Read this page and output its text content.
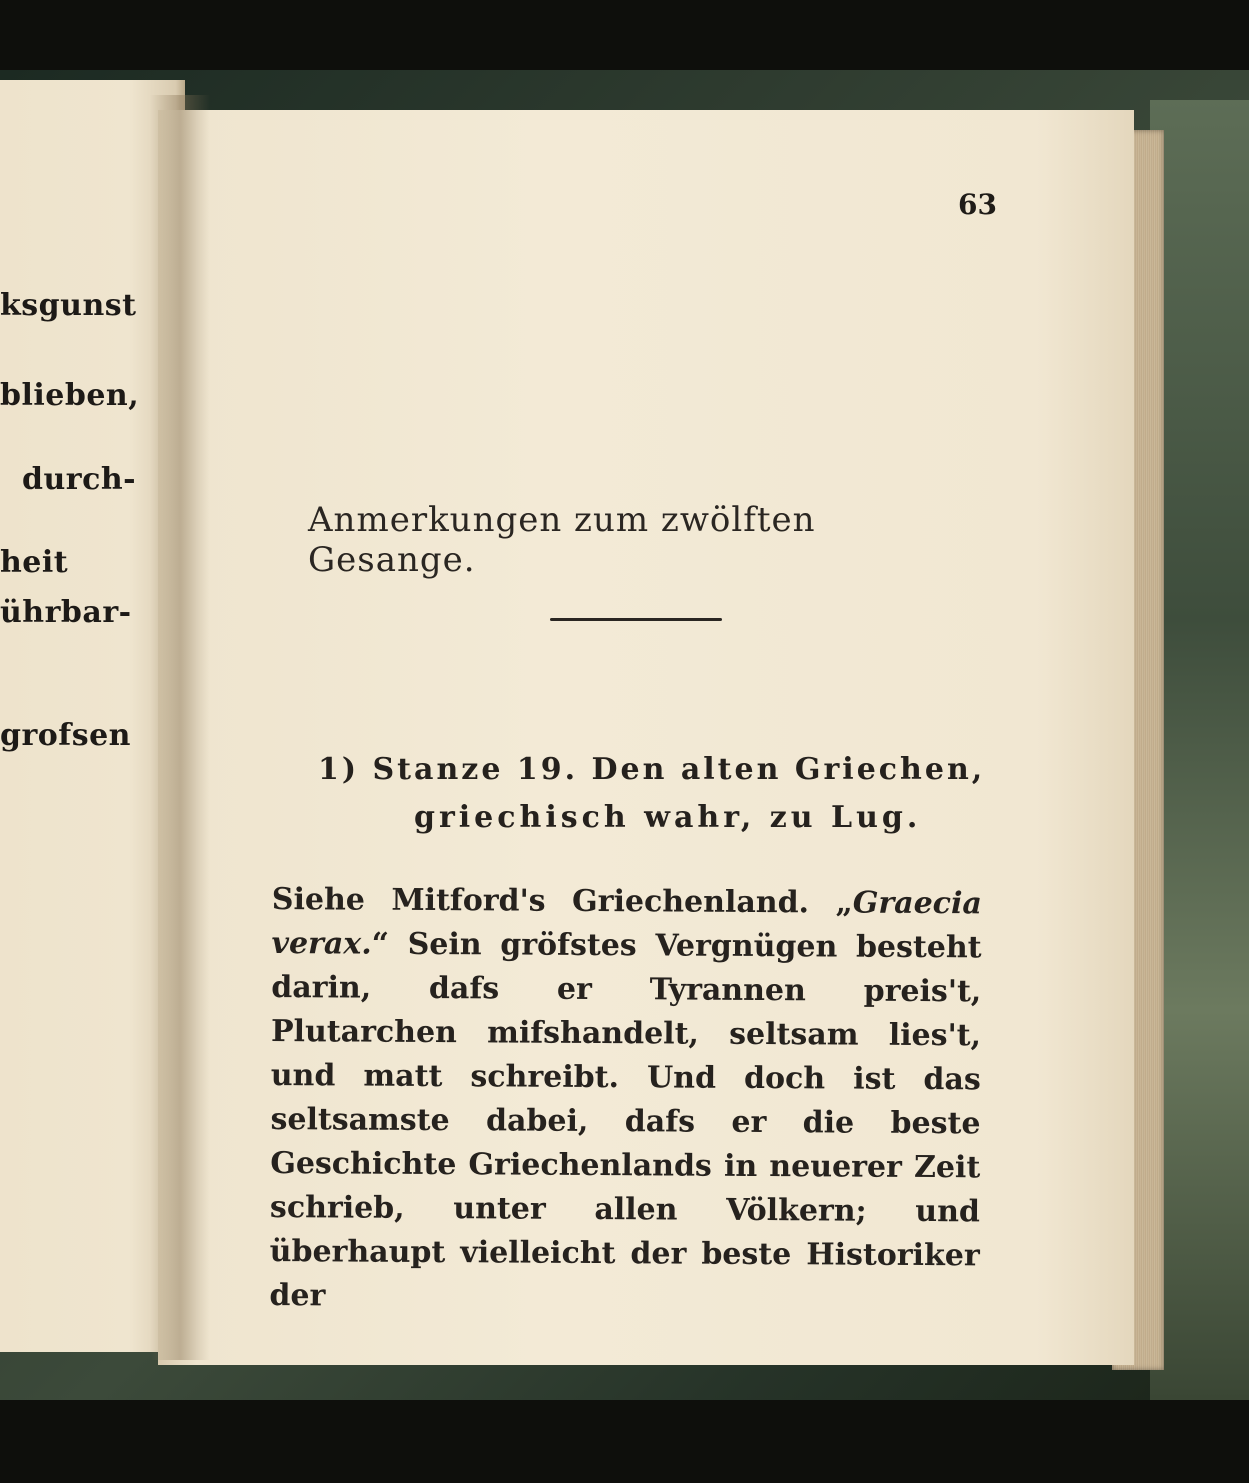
ksgunst
blieben,
durch-
heit
ührbar-
grofsen
63
Anmerkungen zum zwölften Gesange.
1) Stanze 19. Den alten Griechen,
griechisch wahr, zu Lug.
Siehe Mitford's Griechenland. „Graecia verax.“ Sein gröfstes Vergnügen besteht darin, dafs er Tyrannen preis't, Plutarchen mifshandelt, seltsam lies't, und matt schreibt. Und doch ist das seltsamste dabei, dafs er die beste Geschichte Griechenlands in neuerer Zeit schrieb, unter allen Völkern; und überhaupt vielleicht der beste Historiker der
